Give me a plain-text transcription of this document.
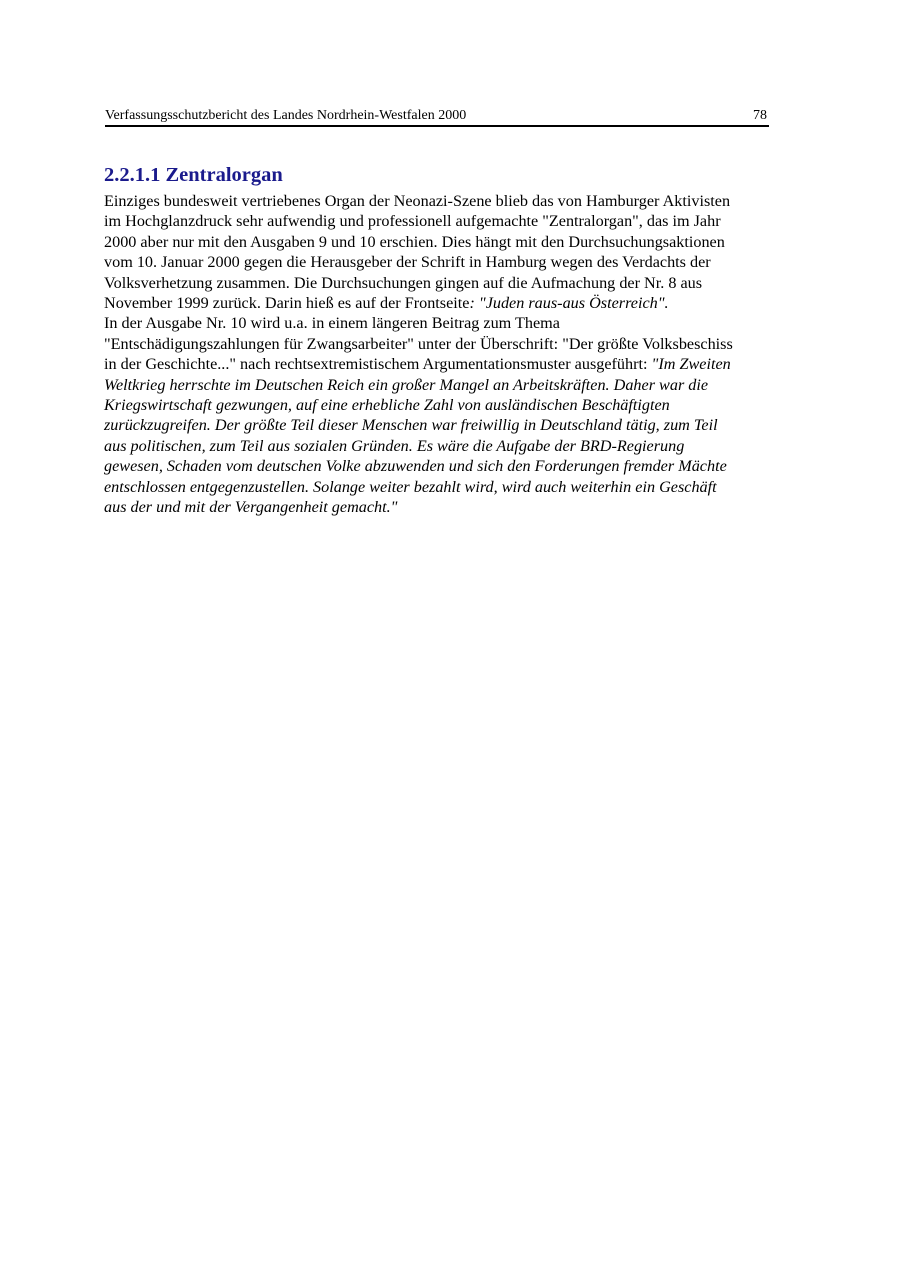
Verfassungsschutzbericht des Landes Nordrhein-Westfalen 2000	78
2.2.1.1 Zentralorgan
Einziges bundesweit vertriebenes Organ der Neonazi-Szene blieb das von Hamburger Aktivisten
im Hochglanzdruck sehr aufwendig und professionell aufgemachte "Zentralorgan", das im Jahr
2000 aber nur mit den Ausgaben 9 und 10 erschien. Dies hängt mit den Durchsuchungsaktionen
vom 10. Januar 2000 gegen die Herausgeber der Schrift in Hamburg wegen des Verdachts der
Volksverhetzung zusammen. Die Durchsuchungen gingen auf die Aufmachung der Nr. 8 aus
November 1999 zurück. Darin hieß es auf der Frontseite: "Juden raus-aus Österreich".
In der Ausgabe Nr. 10 wird u.a. in einem längeren Beitrag zum Thema
"Entschädigungszahlungen für Zwangsarbeiter" unter der Überschrift: "Der größte Volksbeschiss
in der Geschichte..." nach rechtsextremistischem Argumentationsmuster ausgeführt: "Im Zweiten
Weltkrieg herrschte im Deutschen Reich ein großer Mangel an Arbeitskräften. Daher war die
Kriegswirtschaft gezwungen, auf eine erhebliche Zahl von ausländischen Beschäftigten
zurückzugreifen. Der größte Teil dieser Menschen war freiwillig in Deutschland tätig, zum Teil
aus politischen, zum Teil aus sozialen Gründen. Es wäre die Aufgabe der BRD-Regierung
gewesen, Schaden vom deutschen Volke abzuwenden und sich den Forderungen fremder Mächte
entschlossen entgegenzustellen. Solange weiter bezahlt wird, wird auch weiterhin ein Geschäft
aus der und mit der Vergangenheit gemacht."
